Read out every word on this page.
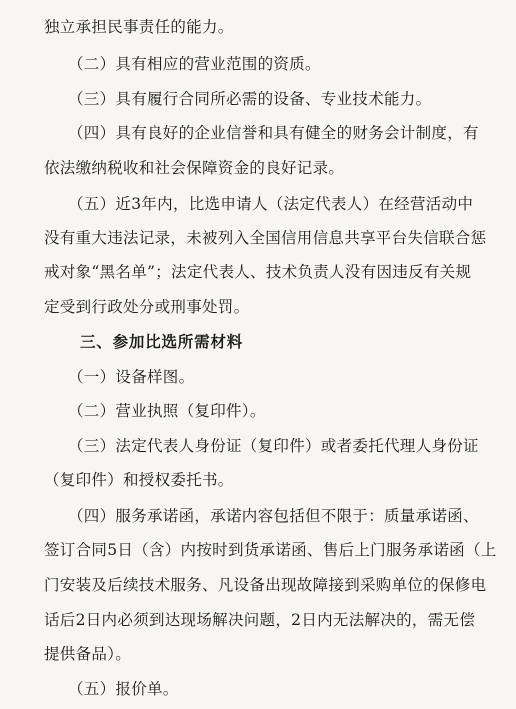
独立承担民事责任的能力。
（二）具有相应的营业范围的资质。
（三）具有履行合同所必需的设备、专业技术能力。
（四）具有良好的企业信誉和具有健全的财务会计制度，有
依法缴纳税收和社会保障资金的良好记录。
（五）近3年内，比选申请人（法定代表人）在经营活动中
没有重大违法记录，未被列入全国信用信息共享平台失信联合惩
戒对象“黑名单”；法定代表人、技术负责人没有因违反有关规
定受到行政处分或刑事处罚。
三、参加比选所需材料
（一）设备样图。
（二）营业执照（复印件）。
（三）法定代表人身份证（复印件）或者委托代理人身份证
（复印件）和授权委托书。
（四）服务承诺函，承诺内容包括但不限于：质量承诺函、
签订合同5日（含）内按时到货承诺函、售后上门服务承诺函（上
门安装及后续技术服务、凡设备出现故障接到采购单位的保修电
话后2日内必须到达现场解决问题，2日内无法解决的，需无偿
提供备品）。
（五）报价单。
